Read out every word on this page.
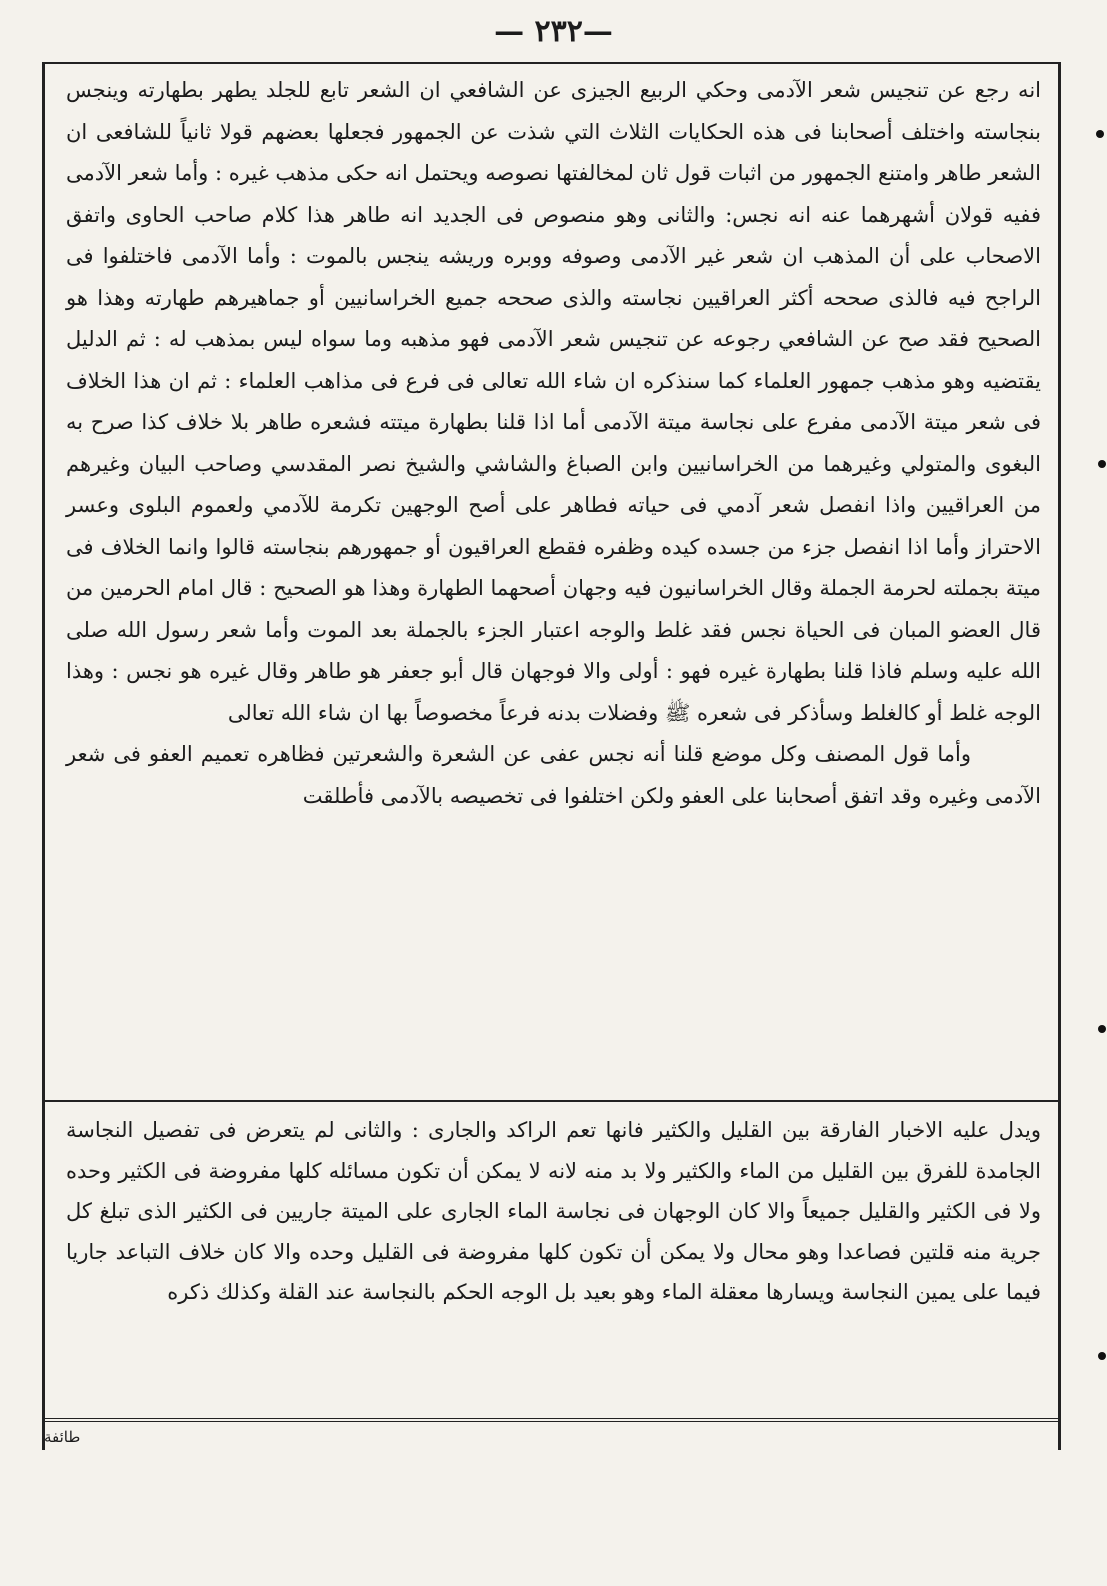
— ٢٣٢—

انه رجع عن تنجيس شعر الآدمى وحكي الربيع الجيزى عن الشافعي ان الشعر تابع للجلد يطهر بطهارته وينجس بنجاسته واختلف أصحابنا فى هذه الحكايات الثلاث التي شذت عن الجمهور فجعلها بعضهم قولا ثانياً للشافعى ان الشعر طاهر وامتنع الجمهور من اثبات قول ثان لمخالفتها نصوصه ويحتمل انه حكى مذهب غيره : وأما شعر الآدمى ففيه قولان أشهرهما عنه انه نجس: والثانى وهو منصوص فى الجديد انه طاهر هذا كلام صاحب الحاوى واتفق الاصحاب على أن المذهب ان شعر غير الآدمى وصوفه ووبره وريشه ينجس بالموت : وأما الآدمى فاختلفوا فى الراجح فيه فالذى صححه أكثر العراقيين نجاسته والذى صححه جميع الخراسانيين أو جماهيرهم طهارته وهذا هو الصحيح فقد صح عن الشافعي رجوعه عن تنجيس شعر الآدمى فهو مذهبه وما سواه ليس بمذهب له : ثم الدليل يقتضيه وهو مذهب جمهور العلماء كما سنذكره ان شاء الله تعالى فى فرع فى مذاهب العلماء : ثم ان هذا الخلاف فى شعر ميتة الآدمى مفرع على نجاسة ميتة الآدمى أما اذا قلنا بطهارة ميتته فشعره طاهر بلا خلاف كذا صرح به البغوى والمتولي وغيرهما من الخراسانيين وابن الصباغ والشاشي والشيخ نصر المقدسي وصاحب البيان وغيرهم من العراقيين واذا انفصل شعر آدمي فى حياته فطاهر على أصح الوجهين تكرمة للآدمي ولعموم البلوى وعسر الاحتراز وأما اذا انفصل جزء من جسده كيده وظفره فقطع العراقيون أو جمهورهم بنجاسته قالوا وانما الخلاف فى ميتة بجملته لحرمة الجملة وقال الخراسانيون فيه وجهان أصحهما الطهارة وهذا هو الصحيح : قال امام الحرمين من قال العضو المبان فى الحياة نجس فقد غلط والوجه اعتبار الجزء بالجملة بعد الموت وأما شعر رسول الله صلى الله عليه وسلم فاذا قلنا بطهارة غيره فهو : أولى والا فوجهان قال أبو جعفر هو طاهر وقال غيره هو نجس : وهذا الوجه غلط أو كالغلط وسأذكر فى شعره ﷺ وفضلات بدنه فرعاً مخصوصاً بها ان شاء الله تعالى

وأما قول المصنف وكل موضع قلنا أنه نجس عفى عن الشعرة والشعرتين فظاهره تعميم العفو فى شعر الآدمى وغيره وقد اتفق أصحابنا على العفو ولكن اختلفوا فى تخصيصه بالآدمى فأطلقت

ويدل عليه الاخبار الفارقة بين القليل والكثير فانها تعم الراكد والجارى : والثانى لم يتعرض فى تفصيل النجاسة الجامدة للفرق بين القليل من الماء والكثير ولا بد منه لانه لا يمكن أن تكون مسائله كلها مفروضة فى الكثير وحده ولا فى الكثير والقليل جميعاً والا كان الوجهان فى نجاسة الماء الجارى على الميتة جاريين فى الكثير الذى تبلغ كل جرية منه قلتين فصاعدا وهو محال ولا يمكن أن تكون كلها مفروضة فى القليل وحده والا كان خلاف التباعد جاريا فيما على يمين النجاسة ويسارها معقلة الماء وهو بعيد بل الوجه الحكم بالنجاسة عند القلة وكذلك ذكره

طائفة
